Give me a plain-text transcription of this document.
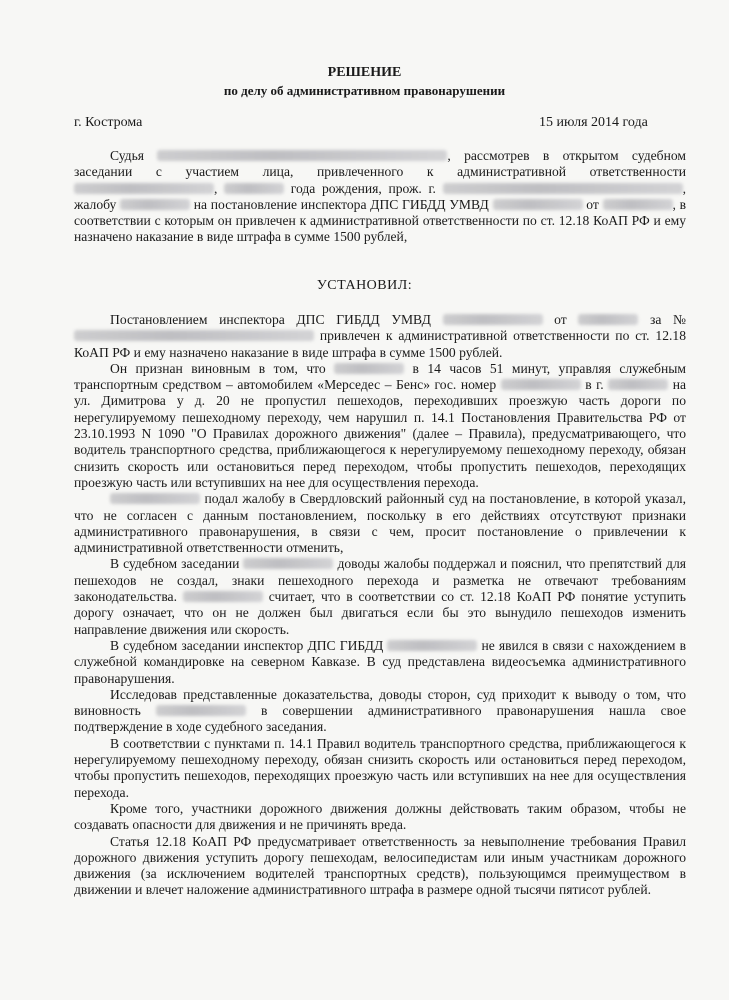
РЕШЕНИЕ
по делу об административном правонарушении
г. Кострома	15 июля 2014 года

Судья	, рассмотрев в открытом судебном заседании с участием лица, привлеченного к административной ответственности ,	года рождения, прож. г.	, жалобу	на постановление инспектора ДПС ГИБДД УМВД	от	, в соответствии с которым он привлечен к административной ответственности по ст. 12.18 КоАП РФ и ему назначено наказание в виде штрафа в сумме 1500 рублей,

УСТАНОВИЛ:

Постановлением инспектора ДПС ГИБДД УМВД	от	за №  привлечен к административной ответственности по ст. 12.18 КоАП РФ и ему назначено наказание в виде штрафа в сумме 1500 рублей.

Он признан виновным в том, что	в 14 часов 51 минут, управляя служебным транспортным средством – автомобилем «Мерседес – Бенс» гос. номер	в г.	на ул. Димитрова у д. 20 не пропустил пешеходов, переходивших проезжую часть дороги по нерегулируемому пешеходному переходу, чем нарушил п. 14.1 Постановления Правительства РФ от 23.10.1993 N 1090 "О Правилах дорожного движения" (далее – Правила), предусматривающего, что водитель транспортного средства, приближающегося к нерегулируемому пешеходному переходу, обязан снизить скорость или остановиться перед переходом, чтобы пропустить пешеходов, переходящих проезжую часть или вступивших на нее для осуществления перехода.

подал жалобу в Свердловский районный суд на постановление, в которой указал, что не согласен с данным постановлением, поскольку в его действиях отсутствуют признаки административного правонарушения, в связи с чем, просит постановление о привлечении к административной ответственности отменить,

В судебном заседании	доводы жалобы поддержал и пояснил, что препятствий для пешеходов не создал, знаки пешеходного перехода и разметка не отвечают требованиям законодательства.	считает, что в соответствии со ст. 12.18 КоАП РФ понятие уступить дорогу означает, что он не должен был двигаться если бы это вынудило пешеходов изменить направление движения или скорость.

В судебном заседании инспектор ДПС ГИБДД	не явился в связи с нахождением в служебной командировке на северном Кавказе. В суд представлена видеосъемка административного правонарушения.

Исследовав представленные доказательства, доводы сторон, суд приходит к выводу о том, что виновность	в совершении административного правонарушения нашла свое подтверждение в ходе судебного заседания.

В соответствии с пунктами п. 14.1 Правил водитель транспортного средства, приближающегося к нерегулируемому пешеходному переходу, обязан снизить скорость или остановиться перед переходом, чтобы пропустить пешеходов, переходящих проезжую часть или вступивших на нее для осуществления перехода.

Кроме того, участники дорожного движения должны действовать таким образом, чтобы не создавать опасности для движения и не причинять вреда.

Статья 12.18 КоАП РФ предусматривает ответственность за невыполнение требования Правил дорожного движения уступить дорогу пешеходам, велосипедистам или иным участникам дорожного движения (за исключением водителей транспортных средств), пользующимся преимуществом в движении и влечет наложение административного штрафа в размере одной тысячи пятисот рублей.
